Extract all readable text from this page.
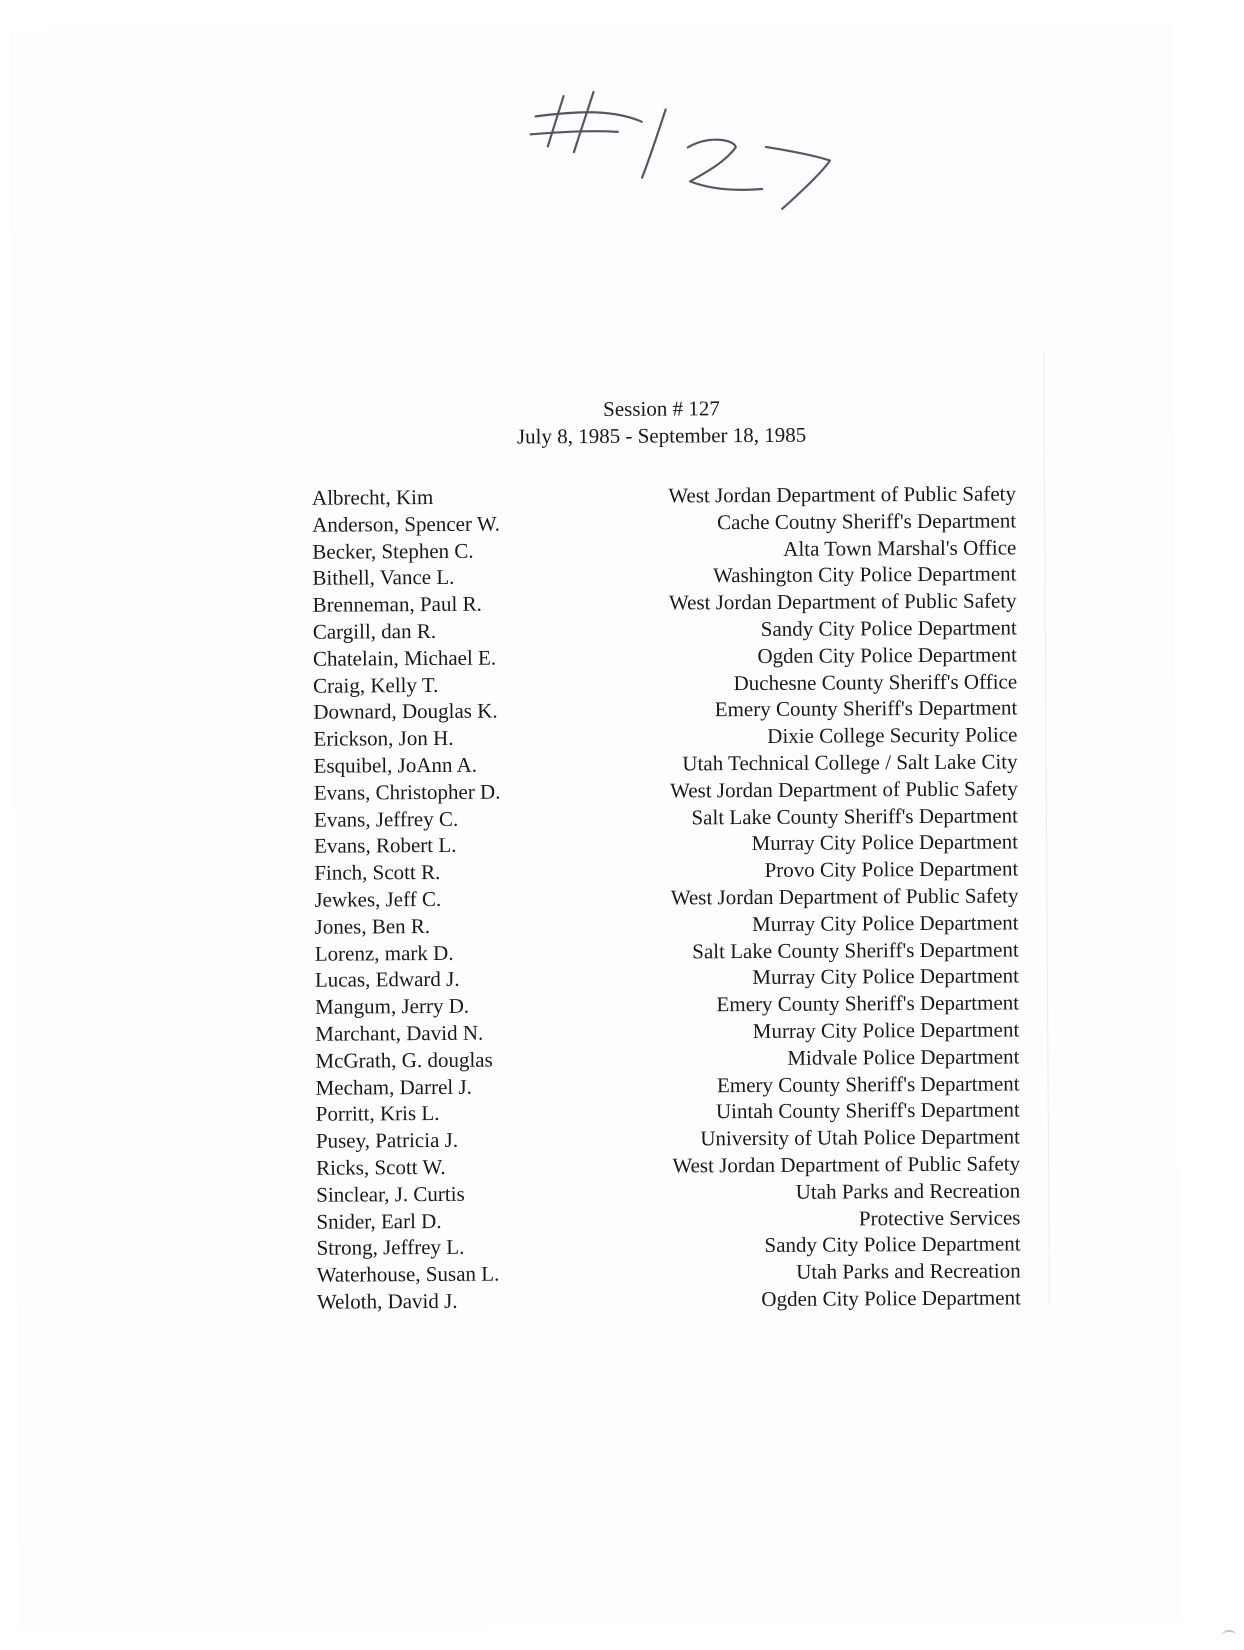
Session # 127
July 8, 1985 - September 18, 1985
Albrecht, Kim	West Jordan Department of Public Safety
Anderson, Spencer W.	Cache Coutny Sheriff's Department
Becker, Stephen C.	Alta Town Marshal's Office
Bithell, Vance L.	Washington City Police Department
Brenneman, Paul R.	West Jordan Department of Public Safety
Cargill, dan R.	Sandy City Police Department
Chatelain, Michael E.	Ogden City Police Department
Craig, Kelly T.	Duchesne County Sheriff's Office
Downard, Douglas K.	Emery County Sheriff's Department
Erickson, Jon H.	Dixie College Security Police
Esquibel, JoAnn A.	Utah Technical College / Salt Lake City
Evans, Christopher D.	West Jordan Department of Public Safety
Evans, Jeffrey C.	Salt Lake County Sheriff's Department
Evans, Robert L.	Murray City Police Department
Finch, Scott R.	Provo City Police Department
Jewkes, Jeff C.	West Jordan Department of Public Safety
Jones, Ben R.	Murray City Police Department
Lorenz, mark D.	Salt Lake County Sheriff's Department
Lucas, Edward J.	Murray City Police Department
Mangum, Jerry D.	Emery County Sheriff's Department
Marchant, David N.	Murray City Police Department
McGrath, G. douglas	Midvale Police Department
Mecham, Darrel J.	Emery County Sheriff's Department
Porritt, Kris L.	Uintah County Sheriff's Department
Pusey, Patricia J.	University of Utah Police Department
Ricks, Scott W.	West Jordan Department of Public Safety
Sinclear, J. Curtis	Utah Parks and Recreation
Snider, Earl D.	Protective Services
Strong, Jeffrey L.	Sandy City Police Department
Waterhouse, Susan L.	Utah Parks and Recreation
Weloth, David J.	Ogden City Police Department
